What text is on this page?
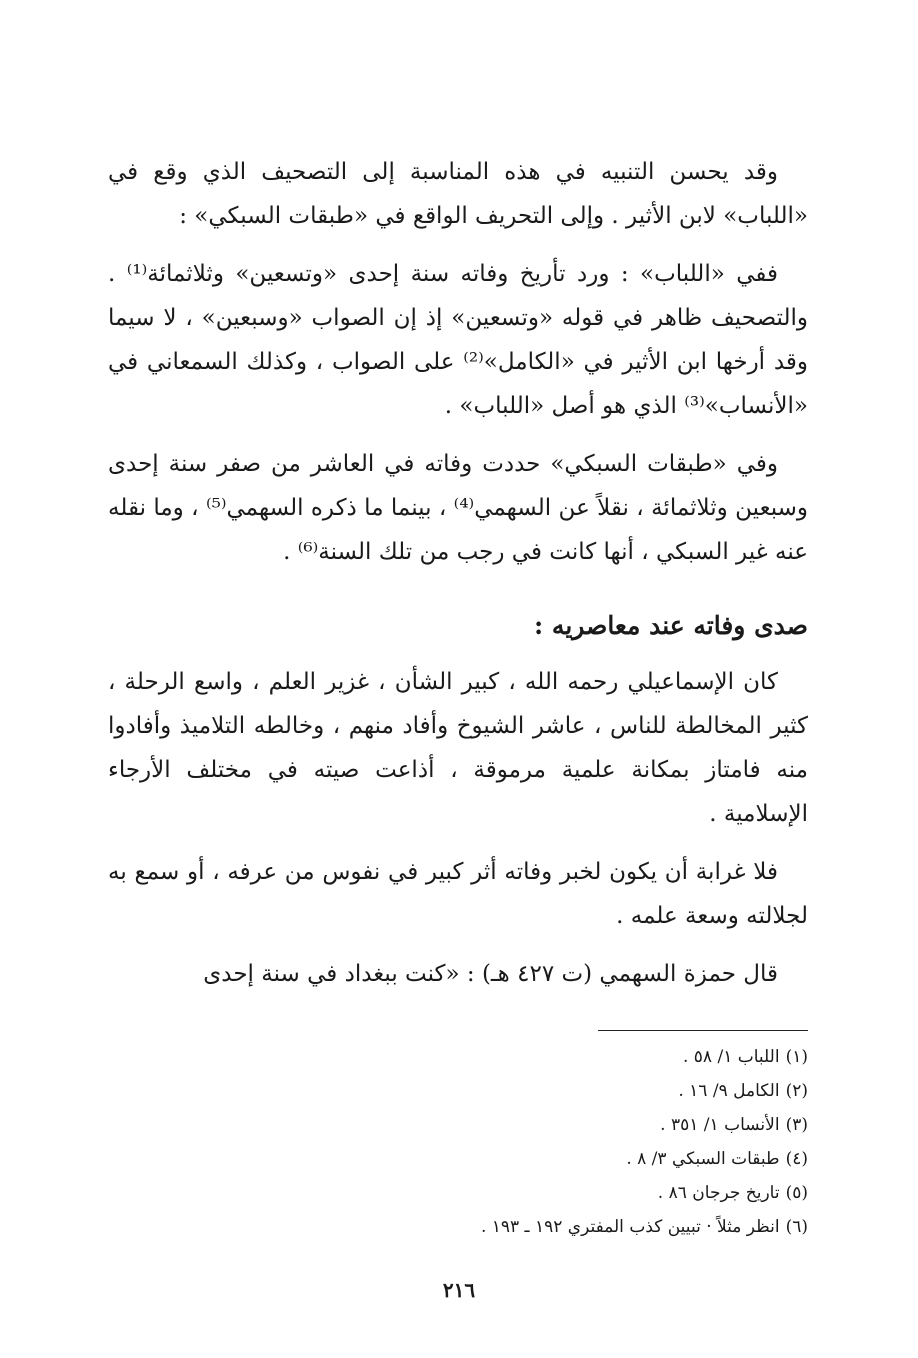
وقد يحسن التنبيه في هذه المناسبة إلى التصحيف الذي وقع في «اللباب» لابن الأثير . وإلى التحريف الواقع في «طبقات السبكي» :

ففي «اللباب» : ورد تأريخ وفاته سنة إحدى «وتسعين» وثلاثمائة⁽¹⁾ . والتصحيف ظاهر في قوله «وتسعين» إذ إن الصواب «وسبعين» ، لا سيما وقد أرخها ابن الأثير في «الكامل»⁽²⁾ على الصواب ، وكذلك السمعاني في «الأنساب»⁽³⁾ الذي هو أصل «اللباب» .

وفي «طبقات السبكي» حددت وفاته في العاشر من صفر سنة إحدى وسبعين وثلاثمائة ، نقلاً عن السهمي⁽⁴⁾ ، بينما ما ذكره السهمي⁽⁵⁾ ، وما نقله عنه غير السبكي ، أنها كانت في رجب من تلك السنة⁽⁶⁾ .

صدى وفاته عند معاصريه :

كان الإسماعيلي رحمه الله ، كبير الشأن ، غزير العلم ، واسع الرحلة ، كثير المخالطة للناس ، عاشر الشيوخ وأفاد منهم ، وخالطه التلاميذ وأفادوا منه فامتاز بمكانة علمية مرموقة ، أذاعت صيته في مختلف الأرجاء الإسلامية .

فلا غرابة أن يكون لخبر وفاته أثر كبير في نفوس من عرفه ، أو سمع به لجلالته وسعة علمه .

قال حمزة السهمي (ت ٤٢٧ هـ) : «كنت ببغداد في سنة إحدى

(١)
اللباب ١/ ٥٨ .
(٢)
الكامل ٩/ ١٦ .
(٣)
الأنساب ١/ ٣٥١ .
(٤)
طبقات السبكي ٣/ ٨ .
(٥)
تاريخ جرجان ٨٦ .
(٦)
انظر مثلاً · تبيين كذب المفتري ١٩٢ ـ ١٩٣ .
٢١٦
